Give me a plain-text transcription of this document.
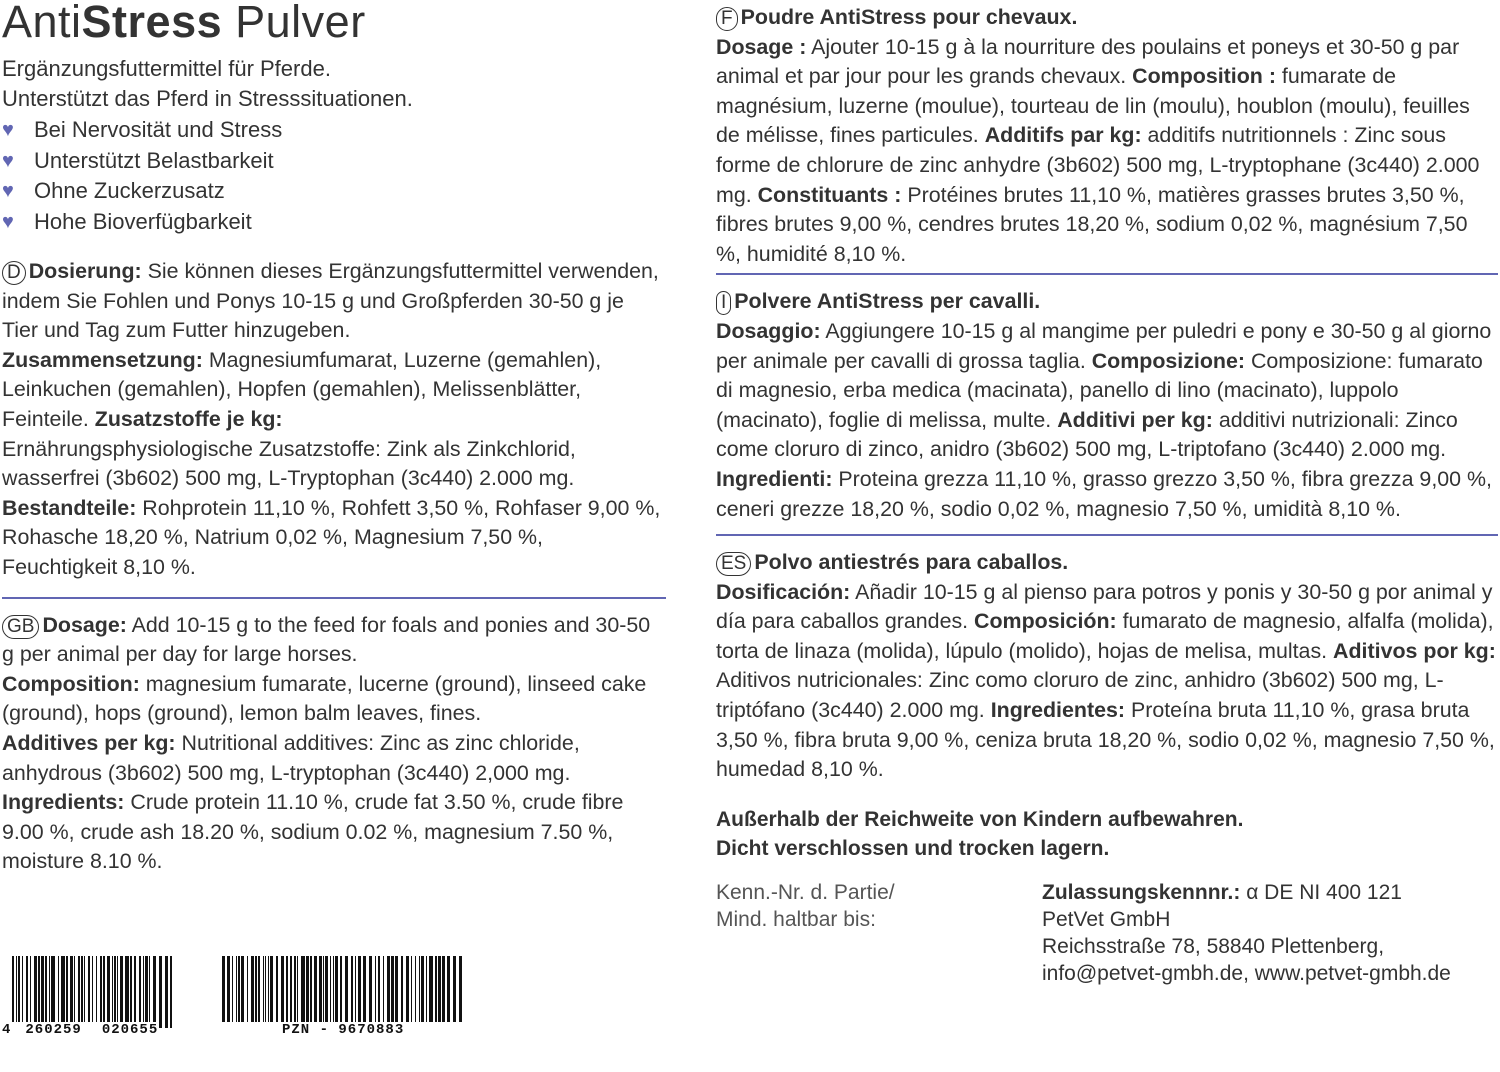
AntiStress Pulver
Ergänzungsfuttermittel für Pferde.
Unterstützt das Pferd in Stresssituationen.
♥ Bei Nervosität und Stress
♥ Unterstützt Belastbarkeit
♥ Ohne Zuckerzusatz
♥ Hohe Bioverfügbarkeit
D Dosierung: Sie können dieses Ergänzungsfuttermittel verwenden, indem Sie Fohlen und Ponys 10-15 g und Großpferden 30-50 g je Tier und Tag zum Futter hinzugeben.
Zusammensetzung: Magnesiumfumarat, Luzerne (gemahlen), Leinkuchen (gemahlen), Hopfen (gemahlen), Melissenblätter, Feinteile. Zusatzstoffe je kg:
Ernährungsphysiologische Zusatzstoffe: Zink als Zinkchlorid, wasserfrei (3b602) 500 mg, L-Tryptophan (3c440) 2.000 mg. Bestandteile: Rohprotein 11,10 %, Rohfett 3,50 %, Rohfaser 9,00 %, Rohasche 18,20 %, Natrium 0,02 %, Magnesium 7,50 %, Feuchtigkeit 8,10 %.
GB Dosage: Add 10-15 g to the feed for foals and ponies and 30-50 g per animal per day for large horses.
Composition: magnesium fumarate, lucerne (ground), linseed cake (ground), hops (ground), lemon balm leaves, fines.
Additives per kg: Nutritional additives: Zinc as zinc chloride, anhydrous (3b602) 500 mg, L-tryptophan (3c440) 2,000 mg.
Ingredients: Crude protein 11.10 %, crude fat 3.50 %, crude fibre 9.00 %, crude ash 18.20 %, sodium 0.02 %, magnesium 7.50 %, moisture 8.10 %.
4 260259 020655	PZN - 9670883
F Poudre AntiStress pour chevaux.
Dosage : Ajouter 10-15 g à la nourriture des poulains et poneys et 30-50 g par animal et par jour pour les grands chevaux. Composition : fumarate de magnésium, luzerne (moulue), tourteau de lin (moulu), houblon (moulu), feuilles de mélisse, fines particules. Additifs par kg: additifs nutritionnels : Zinc sous forme de chlorure de zinc anhydre (3b602) 500 mg, L-tryptophane (3c440) 2.000 mg. Constituants : Protéines brutes 11,10 %, matières grasses brutes 3,50 %, fibres brutes 9,00 %, cendres brutes 18,20 %, sodium 0,02 %, magnésium 7,50 %, humidité 8,10 %.
I Polvere AntiStress per cavalli.
Dosaggio: Aggiungere 10-15 g al mangime per puledri e pony e 30-50 g al giorno per animale per cavalli di grossa taglia. Composizione: Composizione: fumarato di magnesio, erba medica (macinata), panello di lino (macinato), luppolo (macinato), foglie di melissa, multe. Additivi per kg: additivi nutrizionali: Zinco come cloruro di zinco, anidro (3b602) 500 mg, L-triptofano (3c440) 2.000 mg. Ingredienti: Proteina grezza 11,10 %, grasso grezzo 3,50 %, fibra grezza 9,00 %, ceneri grezze 18,20 %, sodio 0,02 %, magnesio 7,50 %, umidità 8,10 %.
ES Polvo antiestrés para caballos.
Dosificación: Añadir 10-15 g al pienso para potros y ponis y 30-50 g por animal y día para caballos grandes. Composición: fumarato de magnesio, alfalfa (molida), torta de linaza (molida), lúpulo (molido), hojas de melisa, multas. Aditivos por kg: Aditivos nutricionales: Zinc como cloruro de zinc, anhidro (3b602) 500 mg, L-triptófano (3c440) 2.000 mg. Ingredientes: Proteína bruta 11,10 %, grasa bruta 3,50 %, fibra bruta 9,00 %, ceniza bruta 18,20 %, sodio 0,02 %, magnesio 7,50 %, humedad 8,10 %.
Außerhalb der Reichweite von Kindern aufbewahren.
Dicht verschlossen und trocken lagern.
Kenn.-Nr. d. Partie/
Mind. haltbar bis:
Zulassungskennnr.: α DE NI 400 121
PetVet GmbH
Reichsstraße 78, 58840 Plettenberg,
info@petvet-gmbh.de, www.petvet-gmbh.de
